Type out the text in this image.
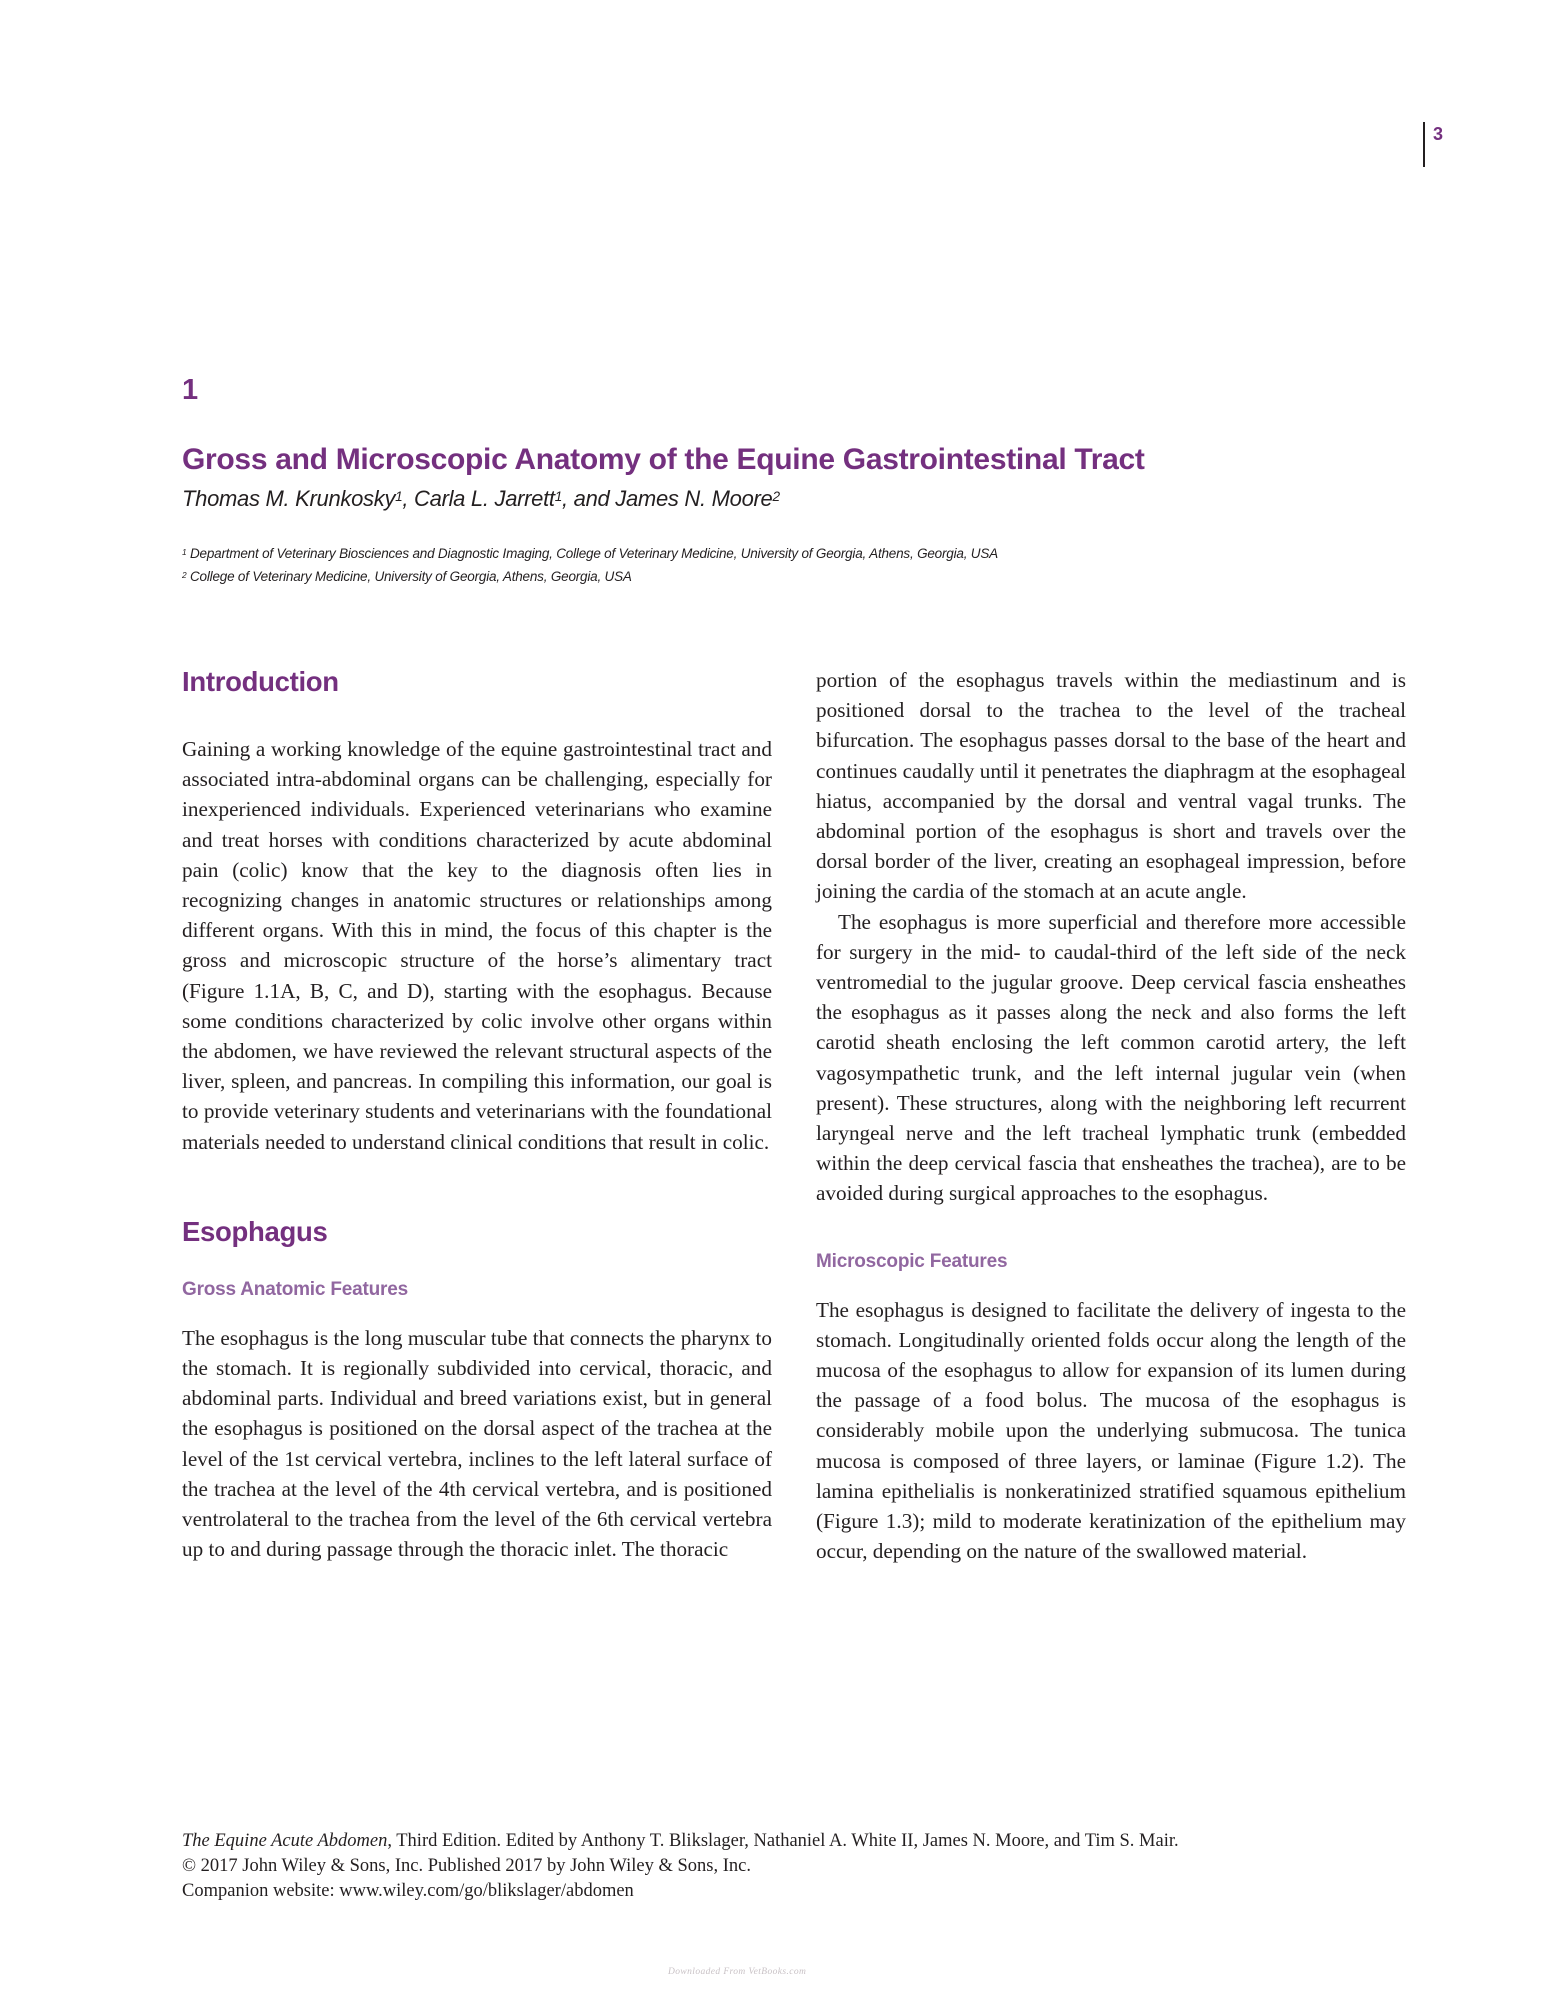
3
1
Gross and Microscopic Anatomy of the Equine Gastrointestinal Tract
Thomas M. Krunkosky$^1$, Carla L. Jarrett$^1$, and James N. Moore$^2$
$^1$ Department of Veterinary Biosciences and Diagnostic Imaging, College of Veterinary Medicine, University of Georgia, Athens, Georgia, USA
$^2$ College of Veterinary Medicine, University of Georgia, Athens, Georgia, USA
Introduction

Gaining a working knowledge of the equine gastrointestinal tract and associated intra-abdominal organs can be challenging, especially for inexperienced individuals. Experienced veterinarians who examine and treat horses with conditions characterized by acute abdominal pain (colic) know that the key to the diagnosis often lies in recognizing changes in anatomic structures or relationships among different organs. With this in mind, the focus of this chapter is the gross and microscopic structure of the horse’s alimentary tract (Figure 1.1A, B, C, and D), starting with the esophagus. Because some conditions characterized by colic involve other organs within the abdomen, we have reviewed the relevant structural aspects of the liver, spleen, and pancreas. In compiling this information, our goal is to provide veterinary students and veterinarians with the foundational materials needed to understand clinical conditions that result in colic.

Esophagus
Gross Anatomic Features

The esophagus is the long muscular tube that connects the pharynx to the stomach. It is regionally subdivided into cervical, thoracic, and abdominal parts. Individual and breed variations exist, but in general the esophagus is positioned on the dorsal aspect of the trachea at the level of the 1st cervical vertebra, inclines to the left lateral surface of the trachea at the level of the 4th cervical vertebra, and is positioned ventrolateral to the trachea from the level of the 6th cervical vertebra up to and during passage through the thoracic inlet. The thoracic

portion of the esophagus travels within the mediastinum and is positioned dorsal to the trachea to the level of the tracheal bifurcation. The esophagus passes dorsal to the base of the heart and continues caudally until it penetrates the diaphragm at the esophageal hiatus, accompanied by the dorsal and ventral vagal trunks. The abdominal portion of the esophagus is short and travels over the dorsal border of the liver, creating an esophageal impression, before joining the cardia of the stomach at an acute angle.

The esophagus is more superficial and therefore more accessible for surgery in the mid- to caudal-third of the left side of the neck ventromedial to the jugular groove. Deep cervical fascia ensheathes the esophagus as it passes along the neck and also forms the left carotid sheath enclosing the left common carotid artery, the left vagosympathetic trunk, and the left internal jugular vein (when present). These structures, along with the neighboring left recurrent laryngeal nerve and the left tracheal lymphatic trunk (embedded within the deep cervical fascia that ensheathes the trachea), are to be avoided during surgical approaches to the esophagus.

Microscopic Features

The esophagus is designed to facilitate the delivery of ingesta to the stomach. Longitudinally oriented folds occur along the length of the mucosa of the esophagus to allow for expansion of its lumen during the passage of a food bolus. The mucosa of the esophagus is considerably mobile upon the underlying submucosa. The tunica mucosa is composed of three layers, or laminae (Figure 1.2). The lamina epithelialis is nonkeratinized stratified squamous epithelium (Figure 1.3); mild to moderate keratinization of the epithelium may occur, depending on the nature of the swallowed material.

The Equine Acute Abdomen, Third Edition. Edited by Anthony T. Blikslager, Nathaniel A. White II, James N. Moore, and Tim S. Mair.
© 2017 John Wiley & Sons, Inc. Published 2017 by John Wiley & Sons, Inc.
Companion website: www.wiley.com/go/blikslager/abdomen
Downloaded From VetBooks.com
